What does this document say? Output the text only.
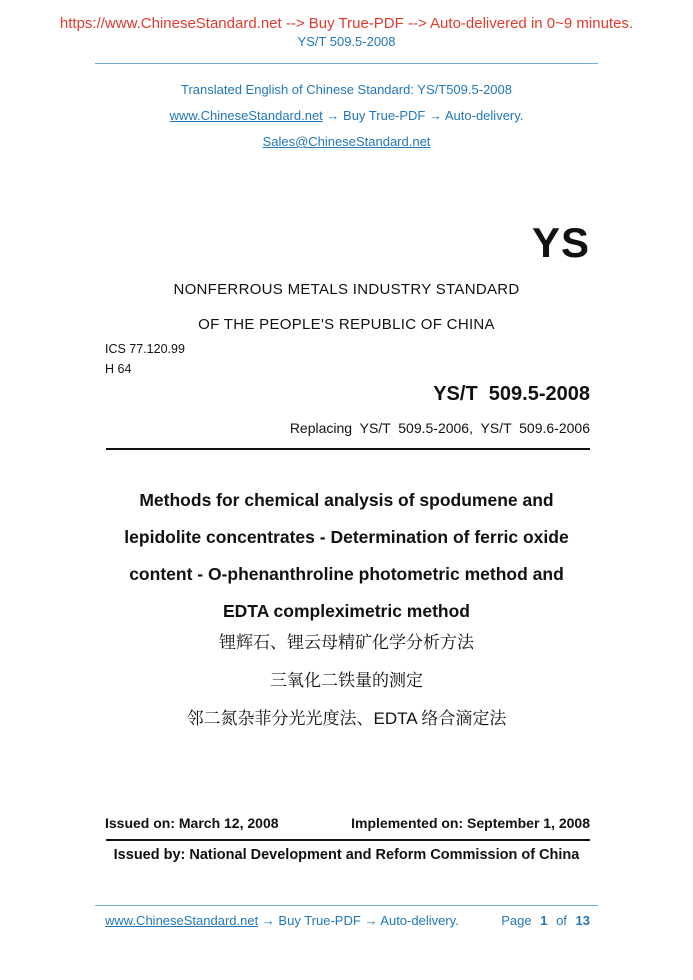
https://www.ChineseStandard.net --> Buy True-PDF --> Auto-delivered in 0~9 minutes.
YS/T 509.5-2008
Translated English of Chinese Standard: YS/T509.5-2008
www.ChineseStandard.net → Buy True-PDF → Auto-delivery.
Sales@ChineseStandard.net
YS
NONFERROUS METALS INDUSTRY STANDARD
OF THE PEOPLE'S REPUBLIC OF CHINA
ICS 77.120.99
H 64
YS/T  509.5-2008
Replacing  YS/T  509.5-2006,  YS/T  509.6-2006
Methods for chemical analysis of spodumene and
lepidolite concentrates - Determination of ferric oxide
content - O-phenanthroline photometric method and
EDTA compleximetric method
锂辉石、锂云母精矿化学分析方法
三氧化二铁量的测定
邻二氮杂菲分光光度法、EDTA 络合滴定法
Issued on: March 12, 2008	Implemented on: September 1, 2008
Issued by: National Development and Reform Commission of China
www.ChineseStandard.net → Buy True-PDF → Auto-delivery.	Page 1 of 13
